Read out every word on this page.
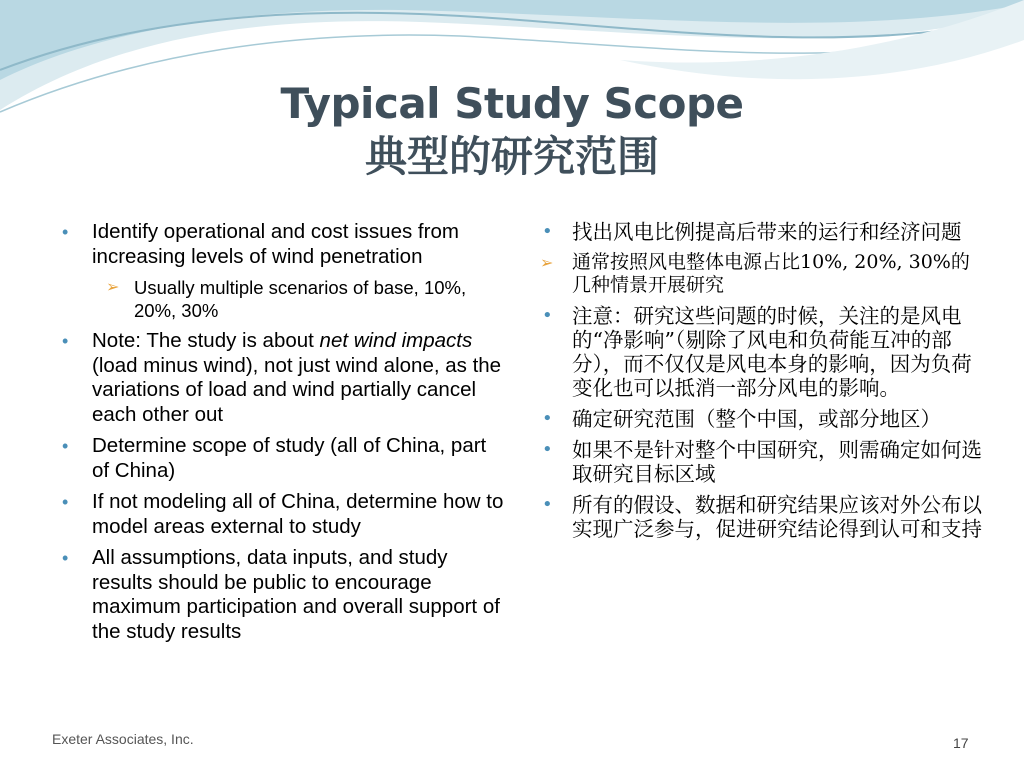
Typical Study Scope
典型的研究范围
• Identify operational and cost issues from increasing levels of wind penetration
➢ Usually multiple scenarios of base, 10%, 20%, 30%
• Note: The study is about net wind impacts (load minus wind), not just wind alone, as the variations of load and wind partially cancel each other out
• Determine scope of study (all of China, part of China)
• If not modeling all of China, determine how to model areas external to study
• All assumptions, data inputs, and study results should be public to encourage maximum participation and overall support of the study results
• 找出风电比例提高后带来的运行和经济问题
➢ 通常按照风电整体电源占比10%, 20%, 30%的几种情景开展研究
• 注意：研究这些问题的时候，关注的是风电的“净影响”（剔除了风电和负荷能互冲的部分），而不仅仅是风电本身的影响，因为负荷变化也可以抵消一部分风电的影响。
• 确定研究范围（整个中国，或部分地区）
• 如果不是针对整个中国研究，则需确定如何选取研究目标区域
• 所有的假设、数据和研究结果应该对外公布以实现广泛参与，促进研究结论得到认可和支持
Exeter Associates, Inc.	17
